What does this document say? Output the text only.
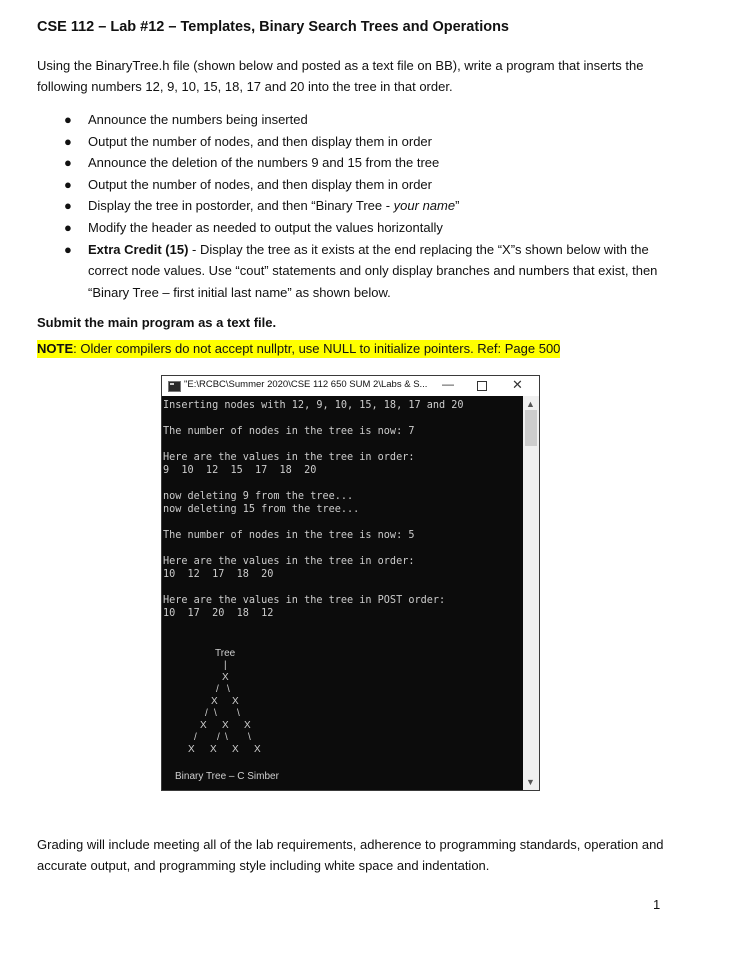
CSE 112 – Lab #12 – Templates, Binary Search Trees and Operations
Using the BinaryTree.h file (shown below and posted as a text file on BB), write a program that inserts the following numbers 12, 9, 10, 15, 18, 17 and 20 into the tree in that order.
● Announce the numbers being inserted
● Output the number of nodes, and then display them in order
● Announce the deletion of the numbers 9 and 15 from the tree
● Output the number of nodes, and then display them in order
● Display the tree in postorder, and then “Binary Tree - your name”
● Modify the header as needed to output the values horizontally
● Extra Credit (15) - Display the tree as it exists at the end replacing the “X”s shown below with the correct node values. Use “cout” statements and only display branches and numbers that exist, then “Binary Tree – first initial last name” as shown below.
Submit the main program as a text file.
NOTE: Older compilers do not accept nullptr, use NULL to initialize pointers. Ref: Page 500
"E:\RCBC\Summer 2020\CSE 112 650 SUM 2\Labs & S... —	✕
▲
▼
Inserting nodes with 12, 9, 10, 15, 18, 17 and 20
The number of nodes in the tree is now: 7
Here are the values in the tree in order:
9  10  12  15  17  18  20
now deleting 9 from the tree...
now deleting 15 from the tree...
The number of nodes in the tree is now: 5
Here are the values in the tree in order:
10  12  17  18  20
Here are the values in the tree in POST order:
10  17  20  18  12
Tree
|
X
/ \
X X
/ \ \
X X X
/ / \ \
X X X X
Binary Tree – C Simber
Grading will include meeting all of the lab requirements, adherence to programming standards, operation and accurate output, and programming style including white space and indentation.
1
